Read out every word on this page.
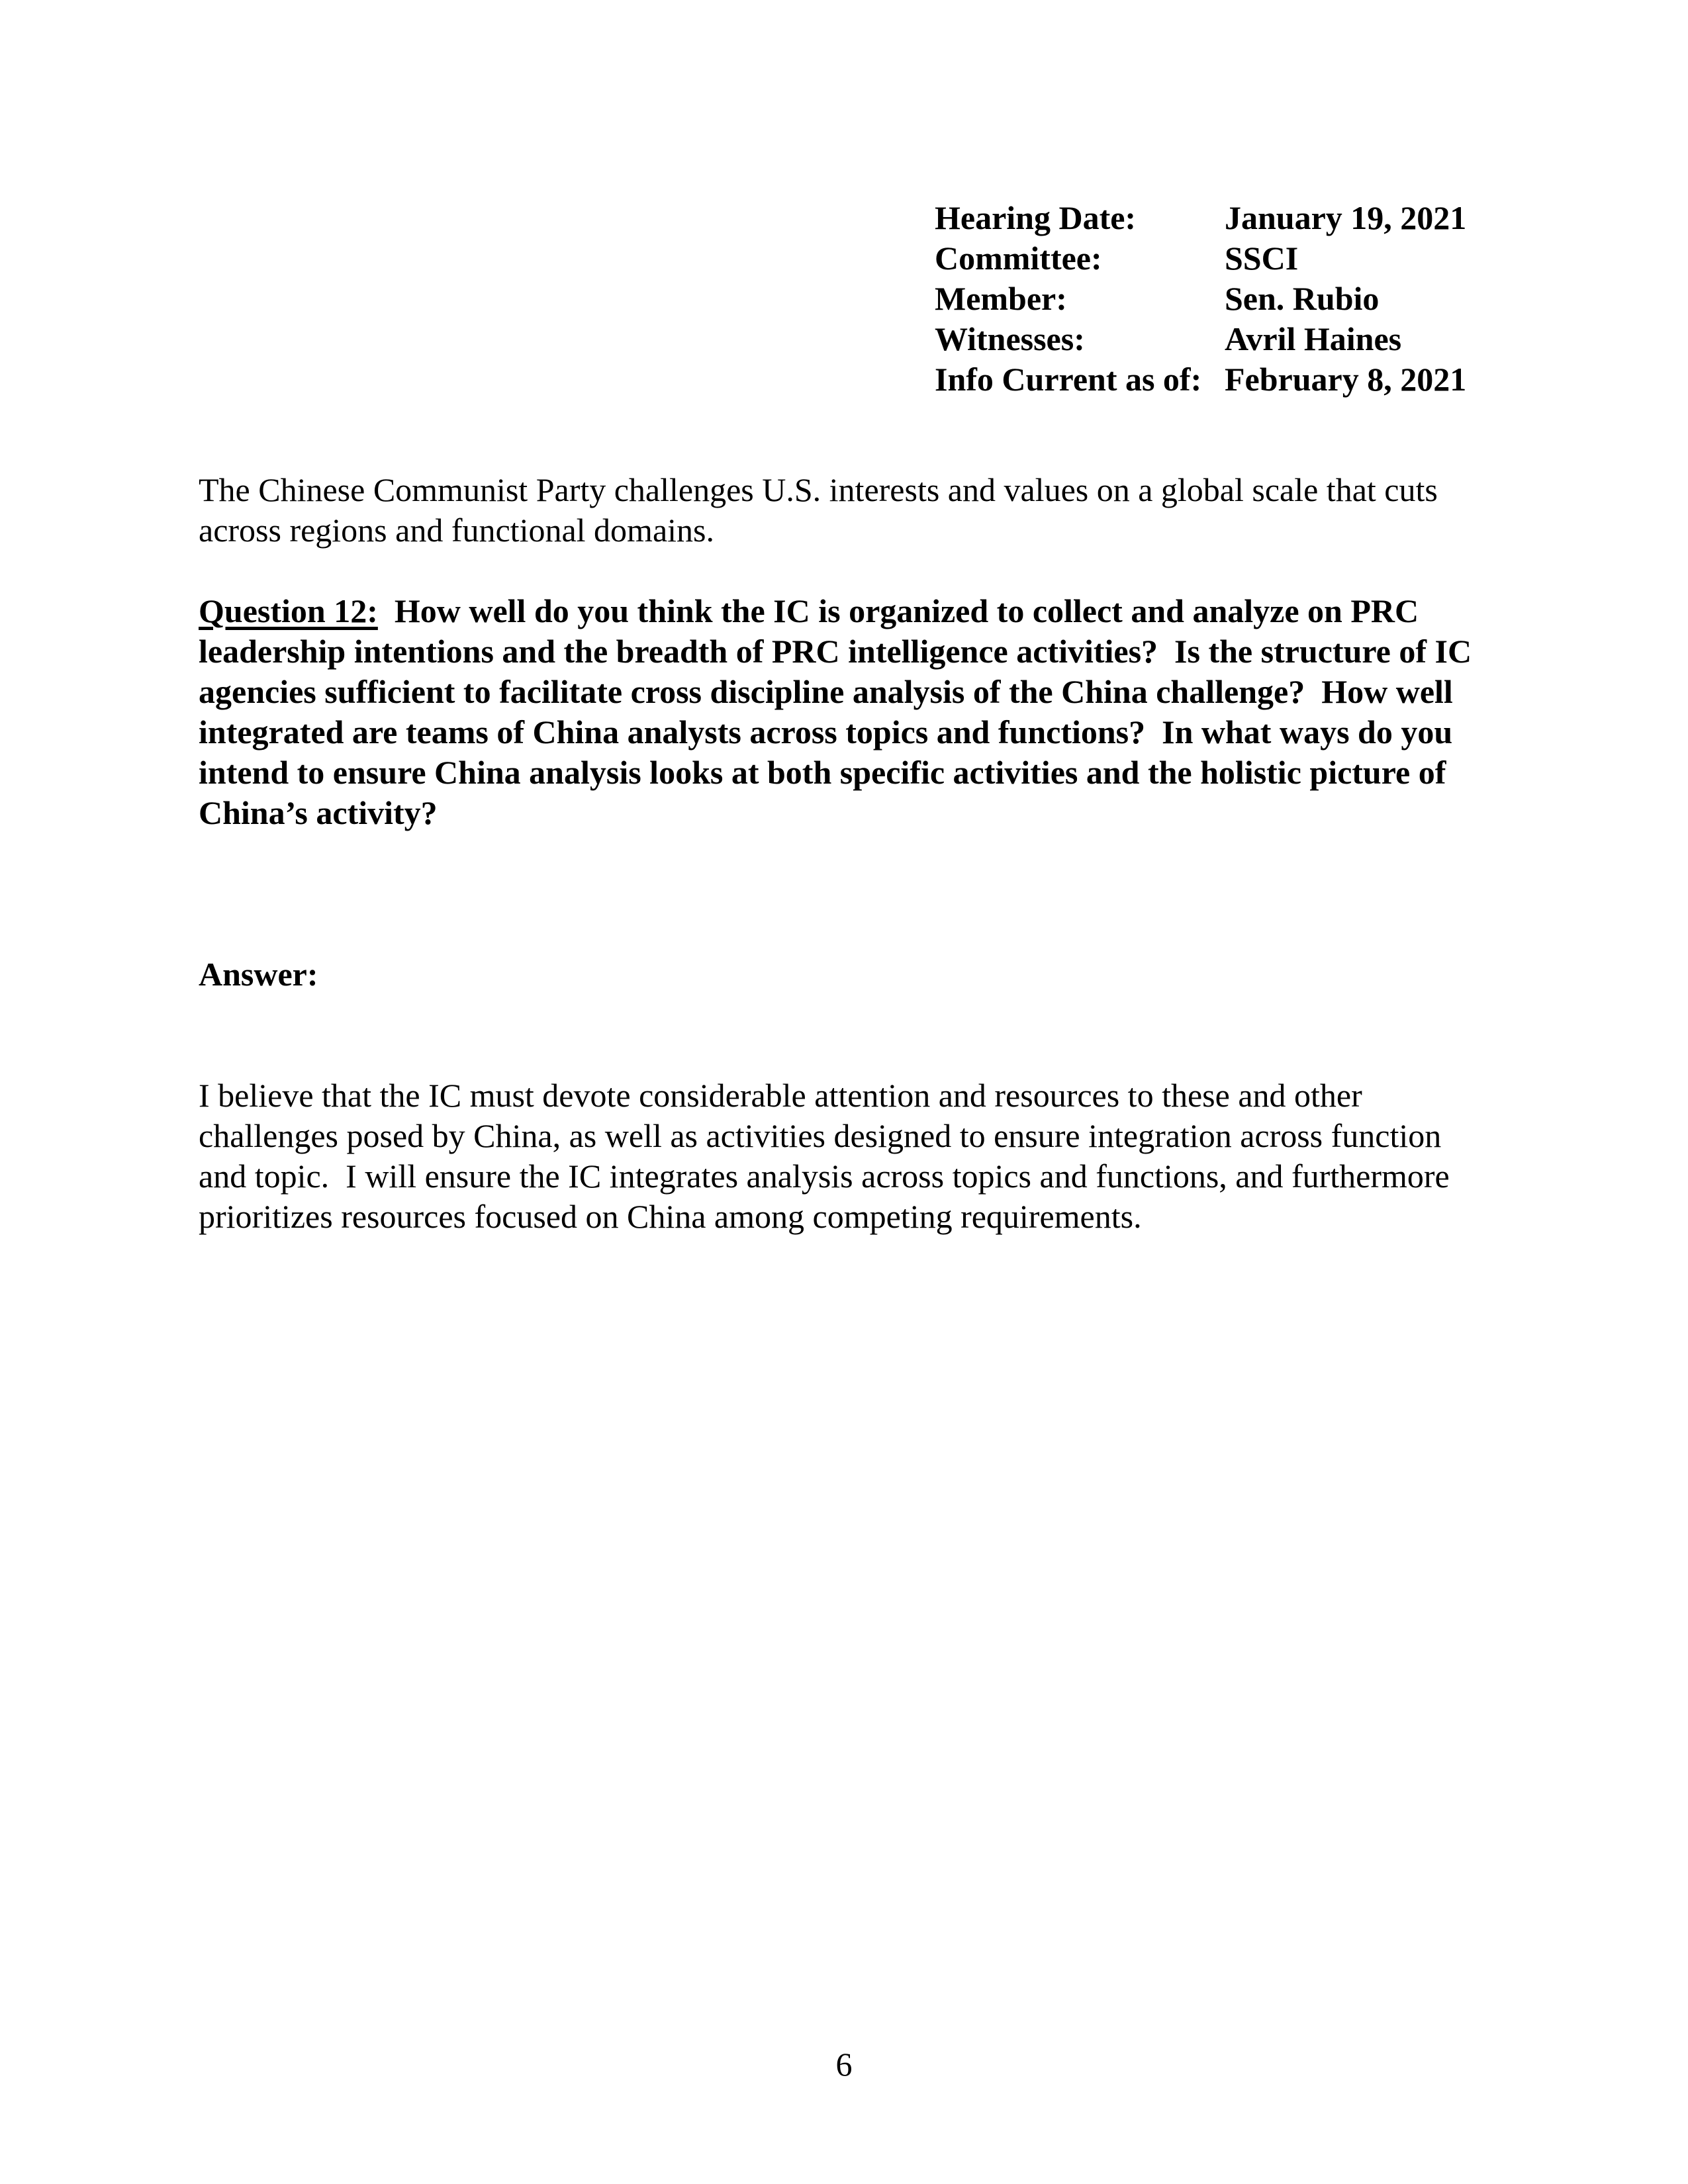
Hearing Date:	January 19, 2021
Committee:	SSCI
Member:	Sen. Rubio
Witnesses:	Avril Haines
Info Current as of: February 8, 2021

The Chinese Communist Party challenges U.S. interests and values on a global scale that cuts across regions and functional domains.

Question 12:  How well do you think the IC is organized to collect and analyze on PRC leadership intentions and the breadth of PRC intelligence activities?  Is the structure of IC agencies sufficient to facilitate cross discipline analysis of the China challenge?  How well integrated are teams of China analysts across topics and functions?  In what ways do you intend to ensure China analysis looks at both specific activities and the holistic picture of China’s activity?

Answer:

I believe that the IC must devote considerable attention and resources to these and other challenges posed by China, as well as activities designed to ensure integration across function and topic.  I will ensure the IC integrates analysis across topics and functions, and furthermore prioritizes resources focused on China among competing requirements.

6
